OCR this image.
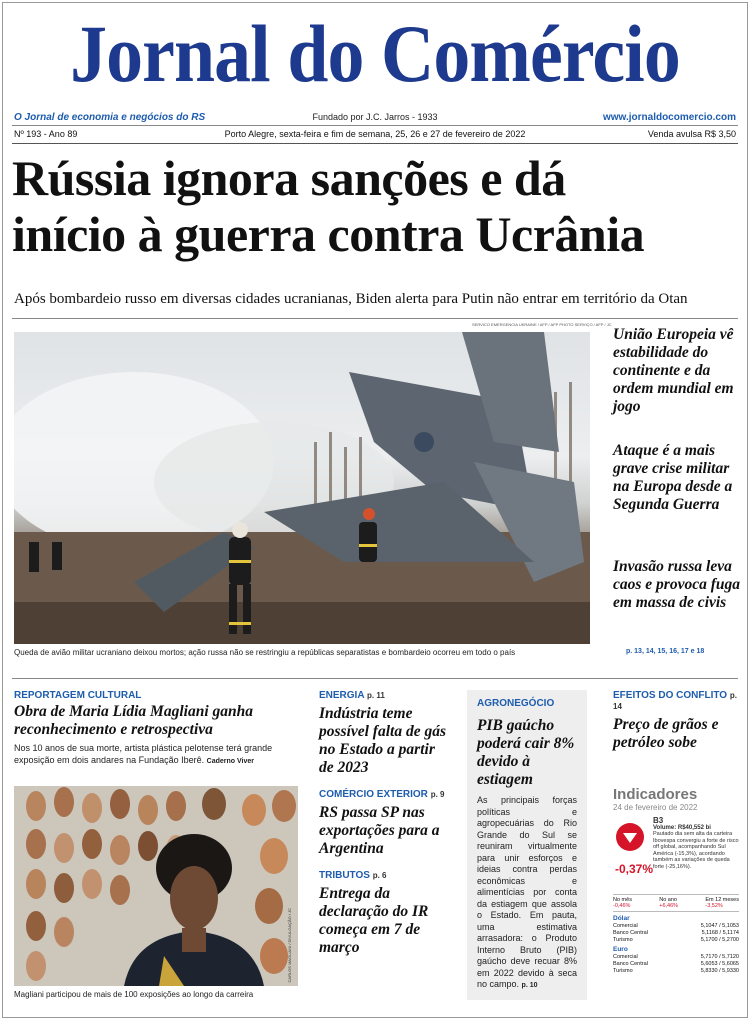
Jornal do Comércio
O Jornal de economia e negócios do RS	Fundado por J.C. Jarros - 1933	www.jornaldocomercio.com
Nº 193 - Ano 89	Porto Alegre, sexta-feira e fim de semana, 25, 26 e 27 de fevereiro de 2022	Venda avulsa R$ 3,50
Rússia ignora sanções e dá
início à guerra contra Ucrânia
Após bombardeio russo em diversas cidades ucranianas, Biden alerta para Putin não entrar em território da Otan
SERVICO EMERGENCIA UKRAINE / AFP / AFP PHOTO SERVIÇO / AFP / JC
Queda de avião militar ucraniano deixou mortos; ação russa não se restringiu a repúblicas separatistas e bombardeio ocorreu em todo o país
União Europeia vê estabilidade do continente e da ordem mundial em jogo
Ataque é a mais grave crise militar na Europa desde a Segunda Guerra
Invasão russa leva caos e provoca fuga em massa de civis
p. 13, 14, 15, 16, 17 e 18
REPORTAGEM CULTURAL
Obra de Maria Lídia Magliani ganha reconhecimento e retrospectiva
Nos 10 anos de sua morte, artista plástica pelotense terá grande exposição em dois andares na Fundação Iberê. Caderno Viver
CARLOS MAGLIANI / DIVULGAÇÃO / JC
Magliani participou de mais de 100 exposições ao longo da carreira
ENERGIA p. 11
Indústria teme possível falta de gás no Estado a partir de 2023
COMÉRCIO EXTERIOR p. 9
RS passa SP nas exportações para a Argentina
TRIBUTOS p. 6
Entrega da declaração do IR começa em 7 de março
AGRONEGÓCIO
PIB gaúcho poderá cair 8% devido à estiagem
As principais forças políticas e agropecuárias do Rio Grande do Sul se reuniram virtualmente para unir esforços e ideias contra perdas econômicas e alimentícias por conta da estiagem que assola o Estado. Em pauta, uma estimativa arrasadora: o Produto Interno Bruto (PIB) gaúcho deve recuar 8% em 2022 devido à seca no campo. p. 10
EFEITOS DO CONFLITO p. 14
Preço de grãos e petróleo sobe
Indicadores
24 de fevereiro de 2022
-0,37%
B3
Volume: R$40,552 bi
Pautado dia sem alta da carteira Ibovespa convergiu a forte de risco off global, acompanhando Sul América (-15,3%), acordando também as variações de queda forte (-25,16%).
No mês
-0,46%
No ano
+6,46%
Em 12 meses
-3,52%
Dólar
Comercial	5,1047 / 5,1053
Banco Central	5,1168 / 5,1174
Turismo	5,1700 / 5,2700
Euro
Comercial	5,7170 / 5,7120
Banco Central	5,6053 / 5,6065
Turismo	5,8330 / 5,9330
